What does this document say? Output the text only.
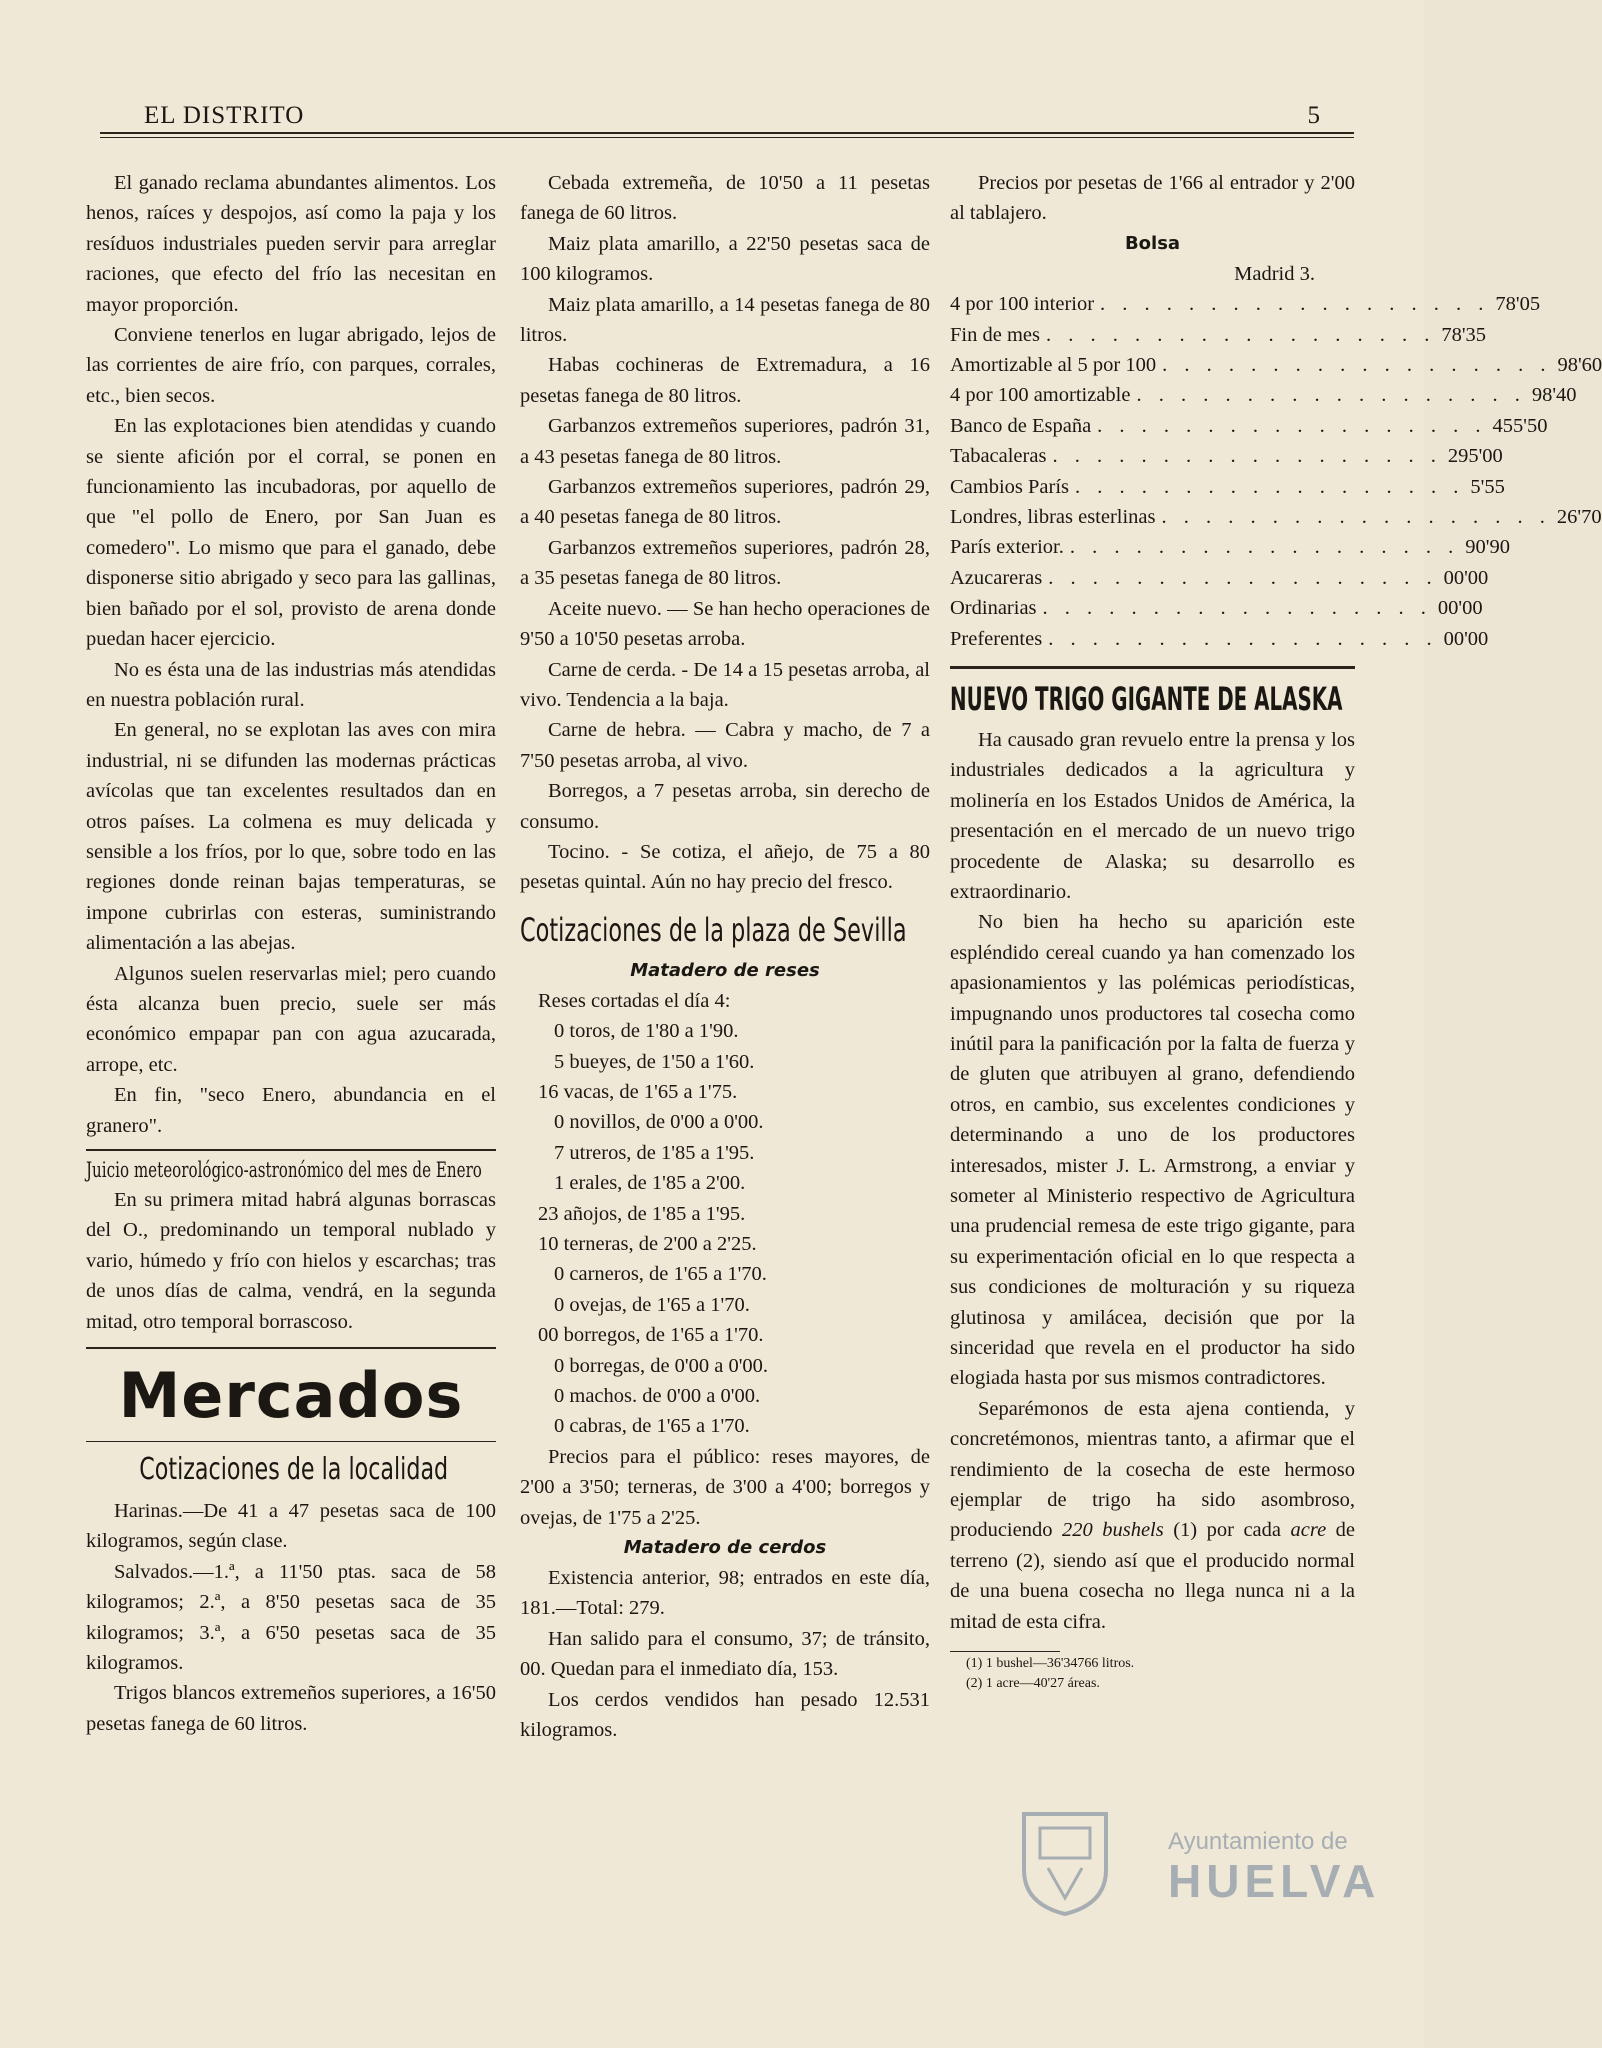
EL DISTRITO	5

El ganado reclama abundantes alimentos. Los henos, raíces y despojos, así como la paja y los resíduos industriales pueden servir para arreglar raciones, que efecto del frío las necesitan en mayor proporción.

Conviene tenerlos en lugar abrigado, lejos de las corrientes de aire frío, con parques, corrales, etc., bien secos.

En las explotaciones bien atendidas y cuando se siente afición por el corral, se ponen en funcionamiento las incubadoras, por aquello de que "el pollo de Enero, por San Juan es comedero". Lo mismo que para el ganado, debe disponerse sitio abrigado y seco para las gallinas, bien bañado por el sol, provisto de arena donde puedan hacer ejercicio.

No es ésta una de las industrias más atendidas en nuestra población rural.

En general, no se explotan las aves con mira industrial, ni se difunden las modernas prácticas avícolas que tan excelentes resultados dan en otros países. La colmena es muy delicada y sensible a los fríos, por lo que, sobre todo en las regiones donde reinan bajas temperaturas, se impone cubrirlas con esteras, suministrando alimentación a las abejas.

Algunos suelen reservarlas miel; pero cuando ésta alcanza buen precio, suele ser más económico empapar pan con agua azucarada, arrope, etc.

En fin, "seco Enero, abundancia en el granero".

Juicio meteorológico-astronómico del mes de Enero

En su primera mitad habrá algunas borrascas del O., predominando un temporal nublado y vario, húmedo y frío con hielos y escarchas; tras de unos días de calma, vendrá, en la segunda mitad, otro temporal borrascoso.

Mercados
Cotizaciones de la localidad

Harinas.—De 41 a 47 pesetas saca de 100 kilogramos, según clase.

Salvados.—1.ª, a 11'50 ptas. saca de 58 kilogramos; 2.ª, a 8'50 pesetas saca de 35 kilogramos; 3.ª, a 6'50 pesetas saca de 35 kilogramos.

Trigos blancos extremeños superiores, a 16'50 pesetas fanega de 60 litros.

Cebada extremeña, de 10'50 a 11 pesetas fanega de 60 litros.

Maiz plata amarillo, a 22'50 pesetas saca de 100 kilogramos.

Maiz plata amarillo, a 14 pesetas fanega de 80 litros.

Habas cochineras de Extremadura, a 16 pesetas fanega de 80 litros.

Garbanzos extremeños superiores, padrón 31, a 43 pesetas fanega de 80 litros.

Garbanzos extremeños superiores, padrón 29, a 40 pesetas fanega de 80 litros.

Garbanzos extremeños superiores, padrón 28, a 35 pesetas fanega de 80 litros.

Aceite nuevo. — Se han hecho operaciones de 9'50 a 10'50 pesetas arroba.

Carne de cerda. - De 14 a 15 pesetas arroba, al vivo. Tendencia a la baja.

Carne de hebra. — Cabra y macho, de 7 a 7'50 pesetas arroba, al vivo.

Borregos, a 7 pesetas arroba, sin derecho de consumo.

Tocino. - Se cotiza, el añejo, de 75 a 80 pesetas quintal. Aún no hay precio del fresco.

Cotizaciones de la plaza de Sevilla
Matadero de reses
Reses cortadas el día 4:
0 toros, de 1'80 a 1'90.
5 bueyes, de 1'50 a 1'60.
16 vacas, de 1'65 a 1'75.
0 novillos, de 0'00 a 0'00.
7 utreros, de 1'85 a 1'95.
1 erales, de 1'85 a 2'00.
23 añojos, de 1'85 a 1'95.
10 terneras, de 2'00 a 2'25.
0 carneros, de 1'65 a 1'70.
0 ovejas, de 1'65 a 1'70.
00 borregos, de 1'65 a 1'70.
0 borregas, de 0'00 a 0'00.
0 machos. de 0'00 a 0'00.
0 cabras, de 1'65 a 1'70.

Precios para el público: reses mayores, de 2'00 a 3'50; terneras, de 3'00 a 4'00; borregos y ovejas, de 1'75 a 2'25.

Matadero de cerdos

Existencia anterior, 98; entrados en este día, 181.—Total: 279.

Han salido para el consumo, 37; de tránsito, 00. Quedan para el inmediato día, 153.

Los cerdos vendidos han pesado 12.531 kilogramos.

Precios por pesetas de 1'66 al entrador y 2'00 al tablajero.

Bolsa
Madrid 3.
4 por 100 interior . . . . . . . . . . . . . . . . . . 78'05
Fin de mes . . . . . . . . . . . . . . . . . . 78'35
Amortizable al 5 por 100 . . . . . . . . . . . . . . . . . . 98'60
4 por 100 amortizable . . . . . . . . . . . . . . . . . . 98'40
Banco de España . . . . . . . . . . . . . . . . . . 455'50
Tabacaleras . . . . . . . . . . . . . . . . . . 295'00
Cambios París . . . . . . . . . . . . . . . . . . 5'55
Londres, libras esterlinas . . . . . . . . . . . . . . . . . . 26'70
París exterior. . . . . . . . . . . . . . . . . . . 90'90
Azucareras . . . . . . . . . . . . . . . . . . 00'00
Ordinarias . . . . . . . . . . . . . . . . . . 00'00
Preferentes . . . . . . . . . . . . . . . . . . 00'00
NUEVO TRIGO GIGANTE DE ALASKA

Ha causado gran revuelo entre la prensa y los industriales dedicados a la agricultura y molinería en los Estados Unidos de América, la presentación en el mercado de un nuevo trigo procedente de Alaska; su desarrollo es extraordinario.

No bien ha hecho su aparición este espléndido cereal cuando ya han comenzado los apasionamientos y las polémicas periodísticas, impugnando unos productores tal cosecha como inútil para la panificación por la falta de fuerza y de gluten que atribuyen al grano, defendiendo otros, en cambio, sus excelentes condiciones y determinando a uno de los productores interesados, mister J. L. Armstrong, a enviar y someter al Ministerio respectivo de Agricultura una prudencial remesa de este trigo gigante, para su experimentación oficial en lo que respecta a sus condiciones de molturación y su riqueza glutinosa y amilácea, decisión que por la sinceridad que revela en el productor ha sido elogiada hasta por sus mismos contradictores.

Separémonos de esta ajena contienda, y concretémonos, mientras tanto, a afirmar que el rendimiento de la cosecha de este hermoso ejemplar de trigo ha sido asombroso, produciendo 220 bushels (1) por cada acre de terreno (2), siendo así que el producido normal de una buena cosecha no llega nunca ni a la mitad de esta cifra.

(1) 1 bushel—36'34766 litros.
(2) 1 acre—40'27 áreas.
Ayuntamiento de
HUELVA
